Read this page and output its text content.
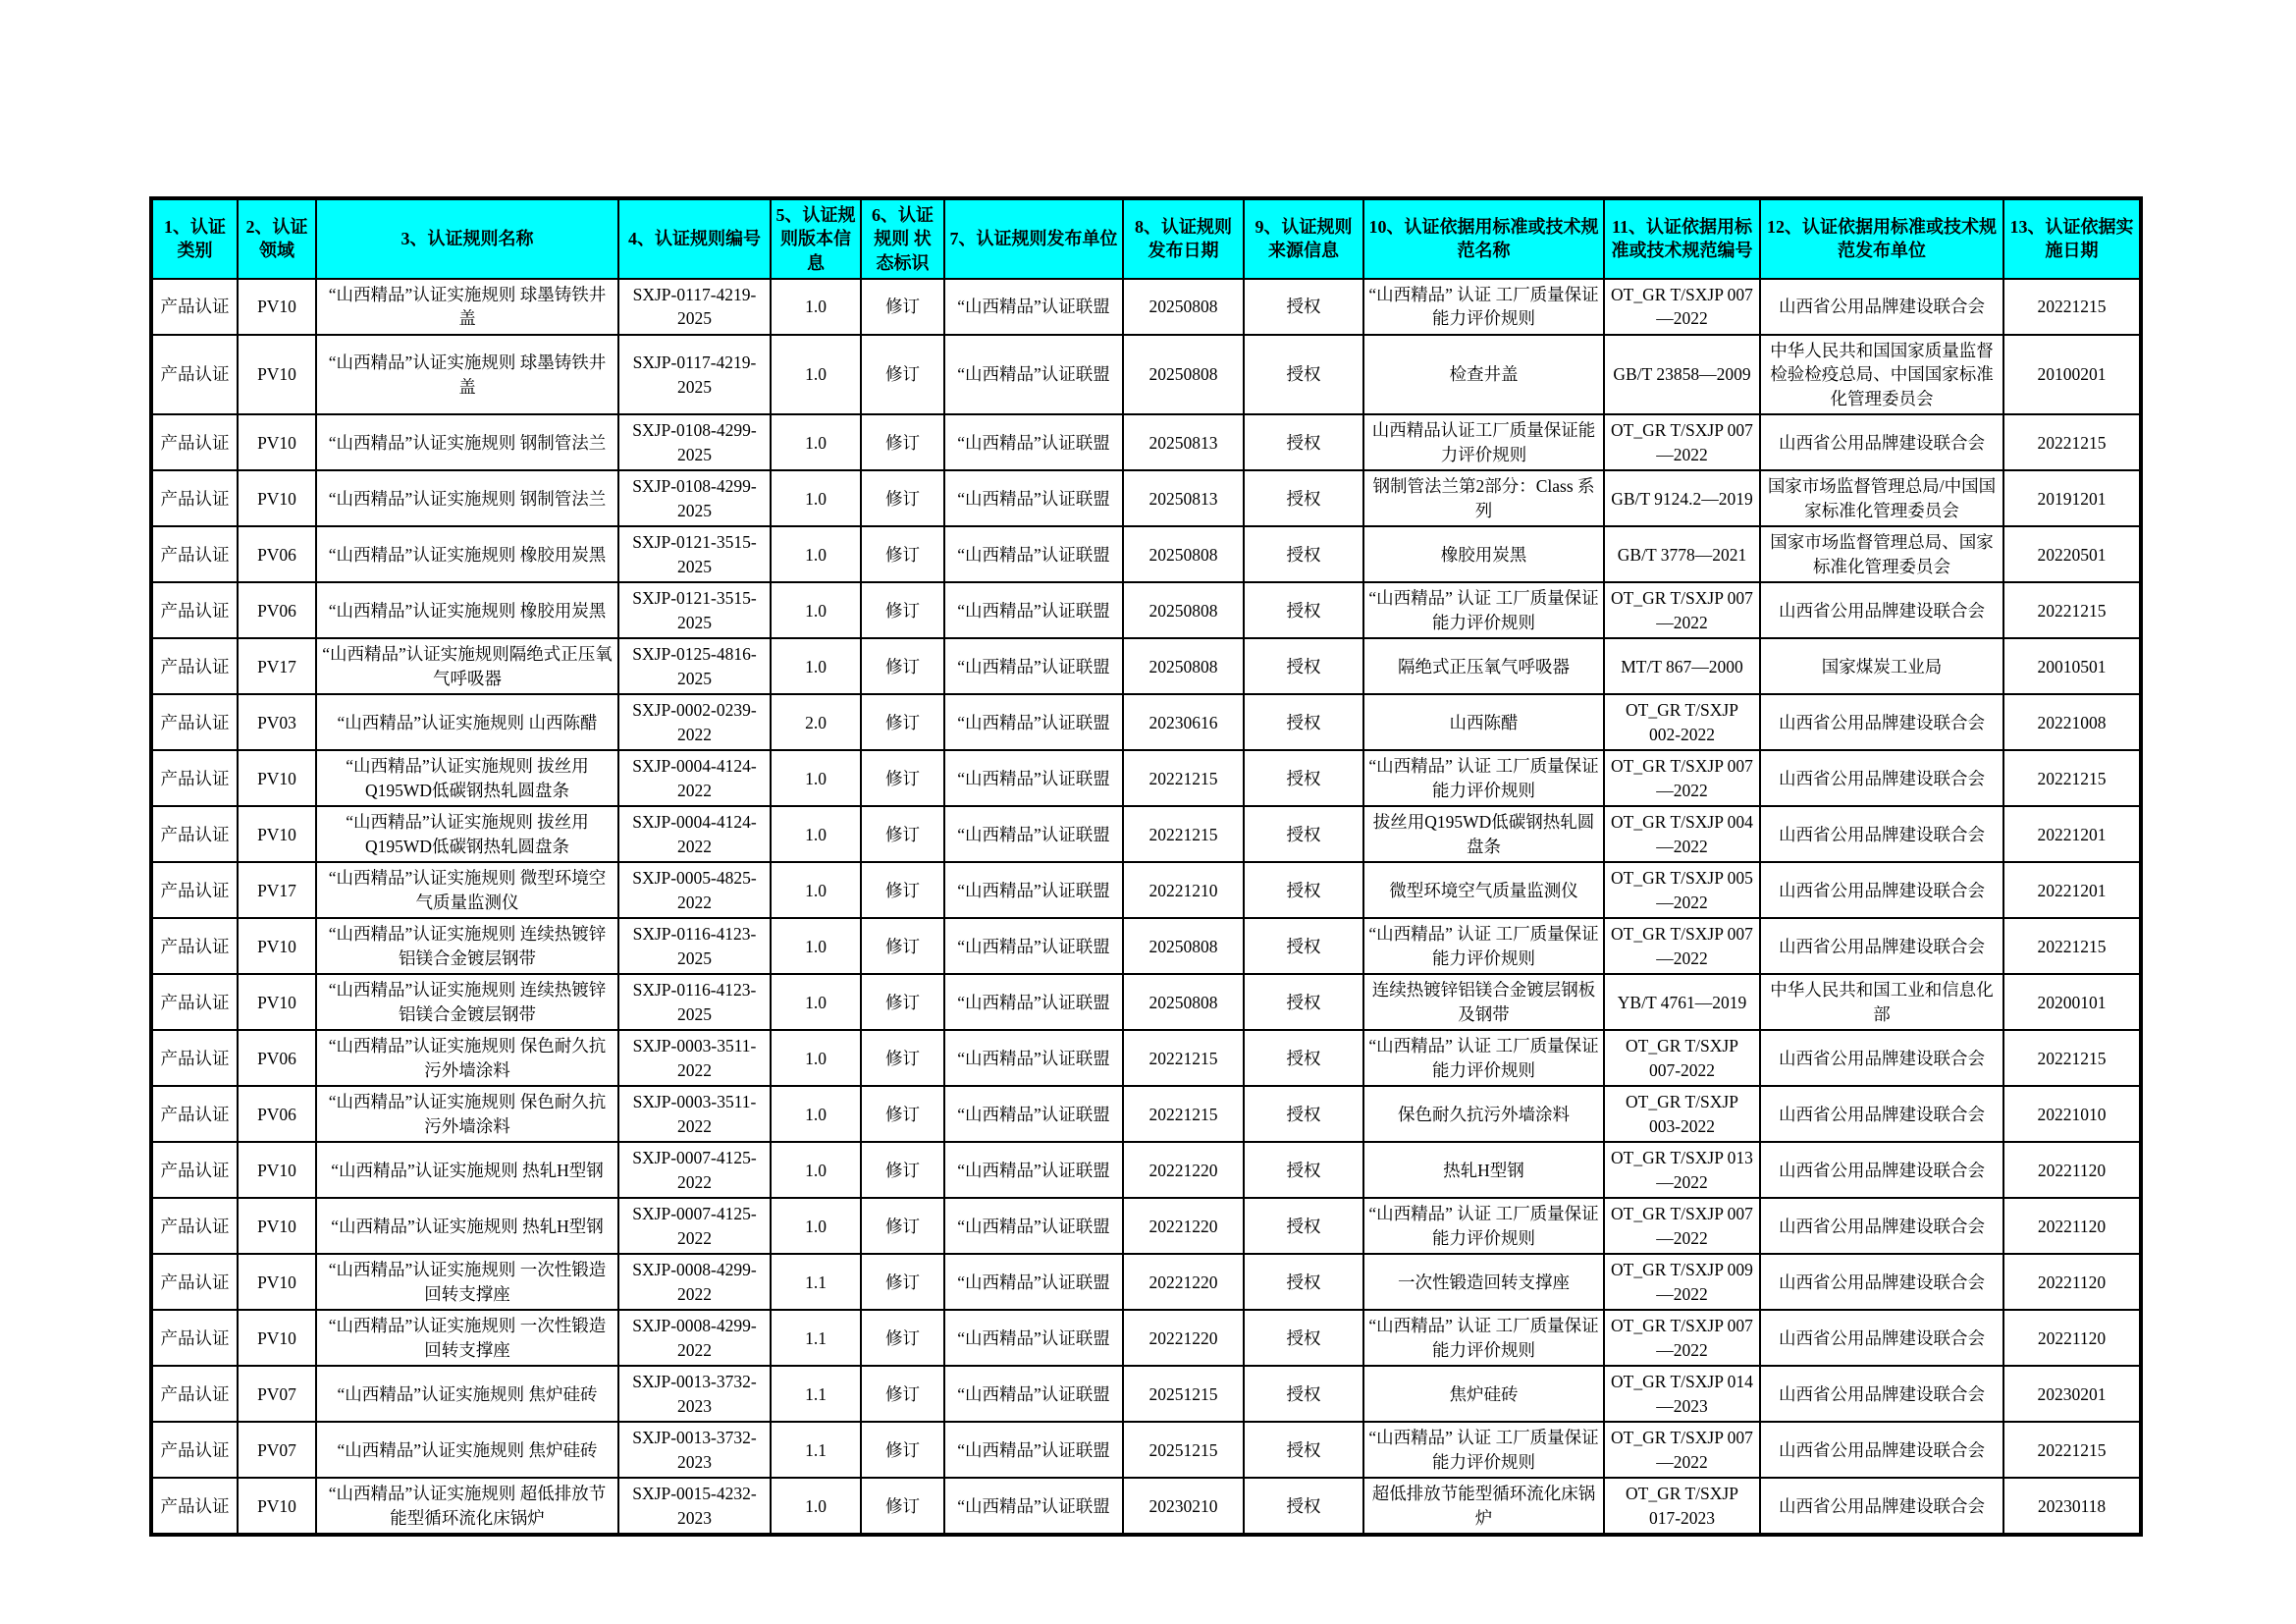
1、认证类别	2、认证领域	3、认证规则名称	4、认证规则编号	5、认证规则版本信息	6、认证规则 状态标识	7、认证规则发布单位	8、认证规则发布日期	9、认证规则来源信息	10、认证依据用标准或技术规范名称	11、认证依据用标准或技术规范编号	12、认证依据用标准或技术规范发布单位	13、认证依据实施日期
产品认证	PV10	“山西精品”认证实施规则 球墨铸铁井盖	SXJP-0117-4219-2025	1.0	修订	“山西精品”认证联盟	20250808	授权	“山西精品” 认证 工厂质量保证能力评价规则	OT_GR T/SXJP 007—2022	山西省公用品牌建设联合会	20221215
产品认证	PV10	“山西精品”认证实施规则 球墨铸铁井盖	SXJP-0117-4219-2025	1.0	修订	“山西精品”认证联盟	20250808	授权	检查井盖	GB/T 23858—2009	中华人民共和国国家质量监督检验检疫总局、中国国家标准化管理委员会	20100201
产品认证	PV10	“山西精品”认证实施规则 钢制管法兰	SXJP-0108-4299-2025	1.0	修订	“山西精品”认证联盟	20250813	授权	山西精品认证工厂质量保证能力评价规则	OT_GR T/SXJP 007—2022	山西省公用品牌建设联合会	20221215
产品认证	PV10	“山西精品”认证实施规则 钢制管法兰	SXJP-0108-4299-2025	1.0	修订	“山西精品”认证联盟	20250813	授权	钢制管法兰第2部分：Class 系列	GB/T 9124.2—2019	国家市场监督管理总局/中国国家标准化管理委员会	20191201
产品认证	PV06	“山西精品”认证实施规则 橡胶用炭黑	SXJP-0121-3515-2025	1.0	修订	“山西精品”认证联盟	20250808	授权	橡胶用炭黑	GB/T 3778—2021	国家市场监督管理总局、国家标准化管理委员会	20220501
产品认证	PV06	“山西精品”认证实施规则 橡胶用炭黑	SXJP-0121-3515-2025	1.0	修订	“山西精品”认证联盟	20250808	授权	“山西精品” 认证 工厂质量保证能力评价规则	OT_GR T/SXJP 007—2022	山西省公用品牌建设联合会	20221215
产品认证	PV17	“山西精品”认证实施规则隔绝式正压氧气呼吸器	SXJP-0125-4816-2025	1.0	修订	“山西精品”认证联盟	20250808	授权	隔绝式正压氧气呼吸器	MT/T 867—2000	国家煤炭工业局	20010501
产品认证	PV03	“山西精品”认证实施规则 山西陈醋	SXJP-0002-0239-2022	2.0	修订	“山西精品”认证联盟	20230616	授权	山西陈醋	OT_GR T/SXJP 002-2022	山西省公用品牌建设联合会	20221008
产品认证	PV10	“山西精品”认证实施规则 拔丝用Q195WD低碳钢热轧圆盘条	SXJP-0004-4124-2022	1.0	修订	“山西精品”认证联盟	20221215	授权	“山西精品” 认证 工厂质量保证能力评价规则	OT_GR T/SXJP 007—2022	山西省公用品牌建设联合会	20221215
产品认证	PV10	“山西精品”认证实施规则 拔丝用Q195WD低碳钢热轧圆盘条	SXJP-0004-4124-2022	1.0	修订	“山西精品”认证联盟	20221215	授权	拔丝用Q195WD低碳钢热轧圆盘条	OT_GR T/SXJP 004—2022	山西省公用品牌建设联合会	20221201
产品认证	PV17	“山西精品”认证实施规则 微型环境空气质量监测仪	SXJP-0005-4825-2022	1.0	修订	“山西精品”认证联盟	20221210	授权	微型环境空气质量监测仪	OT_GR T/SXJP 005—2022	山西省公用品牌建设联合会	20221201
产品认证	PV10	“山西精品”认证实施规则 连续热镀锌铝镁合金镀层钢带	SXJP-0116-4123-2025	1.0	修订	“山西精品”认证联盟	20250808	授权	“山西精品” 认证 工厂质量保证能力评价规则	OT_GR T/SXJP 007—2022	山西省公用品牌建设联合会	20221215
产品认证	PV10	“山西精品”认证实施规则 连续热镀锌铝镁合金镀层钢带	SXJP-0116-4123-2025	1.0	修订	“山西精品”认证联盟	20250808	授权	连续热镀锌铝镁合金镀层钢板及钢带	YB/T 4761—2019	中华人民共和国工业和信息化部	20200101
产品认证	PV06	“山西精品”认证实施规则 保色耐久抗污外墙涂料	SXJP-0003-3511-2022	1.0	修订	“山西精品”认证联盟	20221215	授权	“山西精品” 认证 工厂质量保证能力评价规则	OT_GR T/SXJP 007-2022	山西省公用品牌建设联合会	20221215
产品认证	PV06	“山西精品”认证实施规则 保色耐久抗污外墙涂料	SXJP-0003-3511-2022	1.0	修订	“山西精品”认证联盟	20221215	授权	保色耐久抗污外墙涂料	OT_GR T/SXJP 003-2022	山西省公用品牌建设联合会	20221010
产品认证	PV10	“山西精品”认证实施规则 热轧H型钢	SXJP-0007-4125-2022	1.0	修订	“山西精品”认证联盟	20221220	授权	热轧H型钢	OT_GR T/SXJP 013—2022	山西省公用品牌建设联合会	20221120
产品认证	PV10	“山西精品”认证实施规则 热轧H型钢	SXJP-0007-4125-2022	1.0	修订	“山西精品”认证联盟	20221220	授权	“山西精品” 认证 工厂质量保证能力评价规则	OT_GR T/SXJP 007—2022	山西省公用品牌建设联合会	20221120
产品认证	PV10	“山西精品”认证实施规则 一次性锻造回转支撑座	SXJP-0008-4299-2022	1.1	修订	“山西精品”认证联盟	20221220	授权	一次性锻造回转支撑座	OT_GR T/SXJP 009—2022	山西省公用品牌建设联合会	20221120
产品认证	PV10	“山西精品”认证实施规则 一次性锻造回转支撑座	SXJP-0008-4299-2022	1.1	修订	“山西精品”认证联盟	20221220	授权	“山西精品” 认证 工厂质量保证能力评价规则	OT_GR T/SXJP 007—2022	山西省公用品牌建设联合会	20221120
产品认证	PV07	“山西精品”认证实施规则 焦炉硅砖	SXJP-0013-3732-2023	1.1	修订	“山西精品”认证联盟	20251215	授权	焦炉硅砖	OT_GR T/SXJP 014—2023	山西省公用品牌建设联合会	20230201
产品认证	PV07	“山西精品”认证实施规则 焦炉硅砖	SXJP-0013-3732-2023	1.1	修订	“山西精品”认证联盟	20251215	授权	“山西精品” 认证 工厂质量保证能力评价规则	OT_GR T/SXJP 007—2022	山西省公用品牌建设联合会	20221215
产品认证	PV10	“山西精品”认证实施规则 超低排放节能型循环流化床锅炉	SXJP-0015-4232-2023	1.0	修订	“山西精品”认证联盟	20230210	授权	超低排放节能型循环流化床锅炉	OT_GR T/SXJP 017-2023	山西省公用品牌建设联合会	20230118
